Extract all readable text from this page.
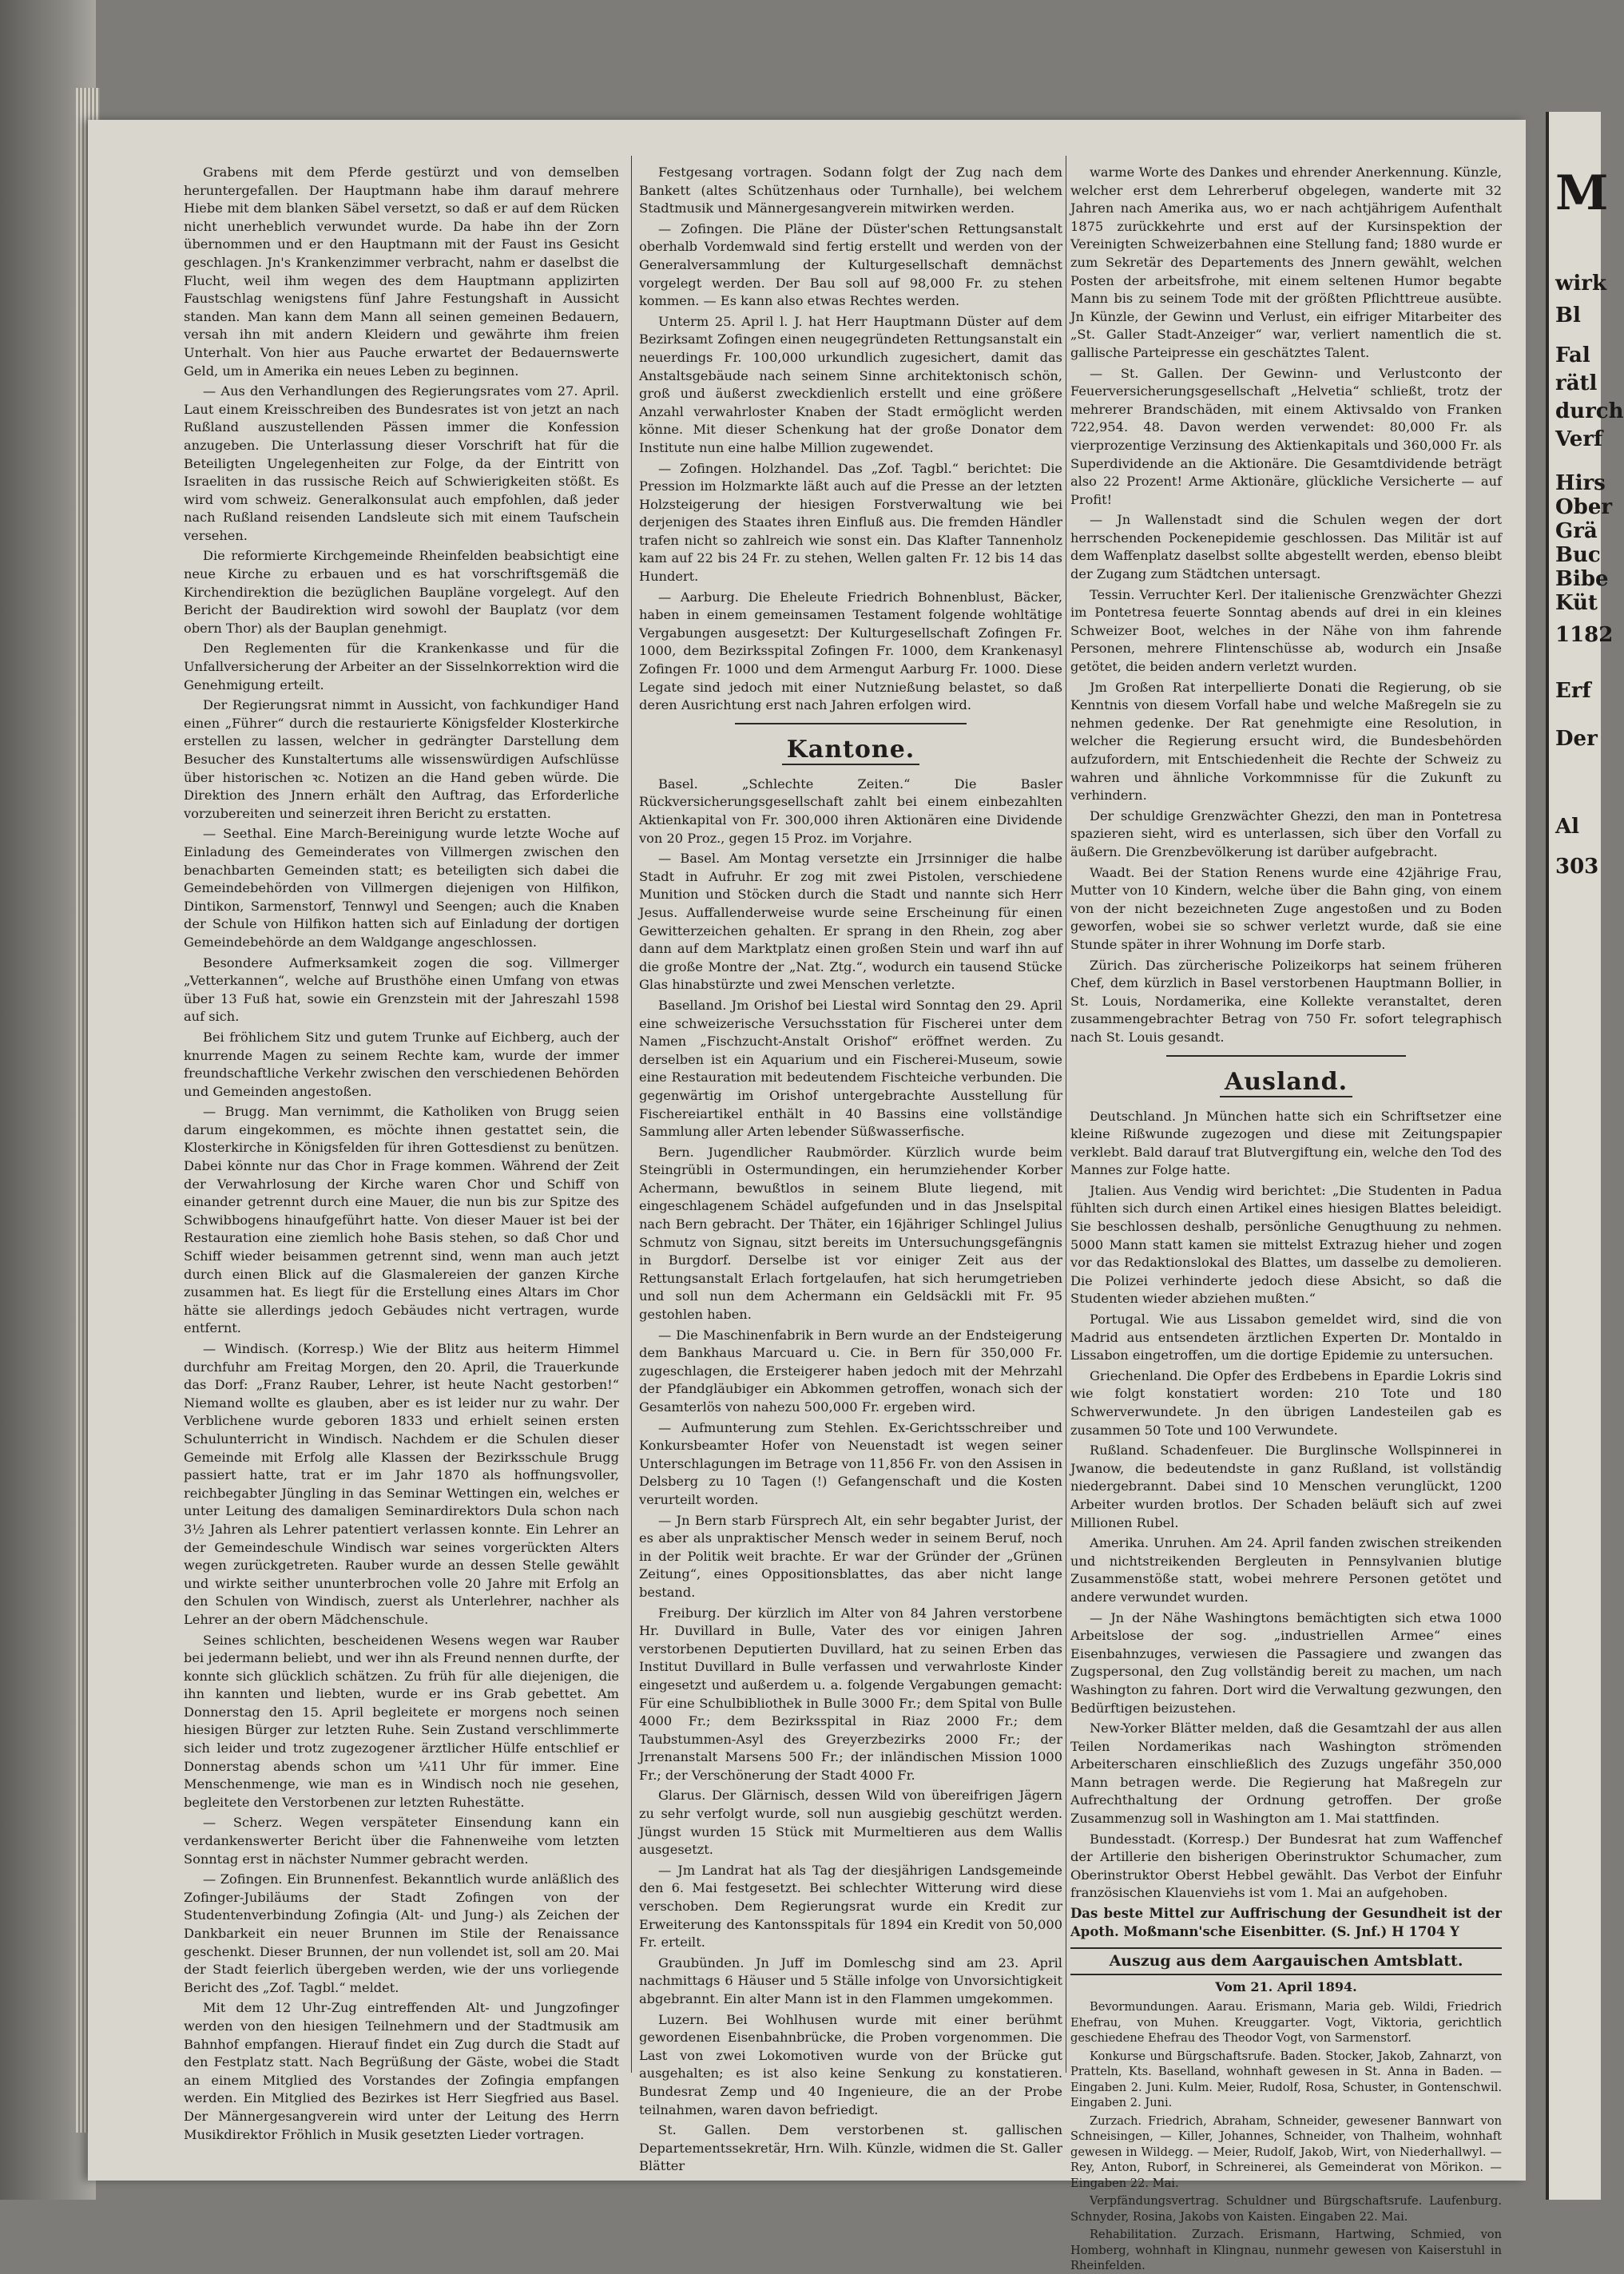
Grabens mit dem Pferde gestürzt und von demselben heruntergefallen. Der Hauptmann habe ihm darauf mehrere Hiebe mit dem blanken Säbel versetzt, so daß er auf dem Rücken nicht unerheblich verwundet wurde. Da habe ihn der Zorn übernommen und er den Hauptmann mit der Faust ins Gesicht geschlagen. Jn's Krankenzimmer verbracht, nahm er daselbst die Flucht, weil ihm wegen des dem Hauptmann applizirten Faustschlag wenigstens fünf Jahre Festungshaft in Aussicht standen. Man kann dem Mann all seinen gemeinen Bedauern, versah ihn mit andern Kleidern und gewährte ihm freien Unterhalt. Von hier aus Pauche erwartet der Bedauernswerte Geld, um in Amerika ein neues Leben zu beginnen.

— Aus den Verhandlungen des Regierungsrates vom 27. April. Laut einem Kreisschreiben des Bundesrates ist von jetzt an nach Rußland auszustellenden Pässen immer die Konfession anzugeben. Die Unterlassung dieser Vorschrift hat für die Beteiligten Ungelegenheiten zur Folge, da der Eintritt von Israeliten in das russische Reich auf Schwierigkeiten stößt. Es wird vom schweiz. Generalkonsulat auch empfohlen, daß jeder nach Rußland reisenden Landsleute sich mit einem Taufschein versehen.

Die reformierte Kirchgemeinde Rheinfelden beabsichtigt eine neue Kirche zu erbauen und es hat vorschriftsgemäß die Kirchendirektion die bezüglichen Baupläne vorgelegt. Auf den Bericht der Baudirektion wird sowohl der Bauplatz (vor dem obern Thor) als der Bauplan genehmigt.

Den Reglementen für die Krankenkasse und für die Unfallversicherung der Arbeiter an der Sisselnkorrektion wird die Genehmigung erteilt.

Der Regierungsrat nimmt in Aussicht, von fachkundiger Hand einen „Führer“ durch die restaurierte Königsfelder Klosterkirche erstellen zu lassen, welcher in gedrängter Darstellung dem Besucher des Kunstaltertums alle wissenswürdigen Aufschlüsse über historischen ꝛc. Notizen an die Hand geben würde. Die Direktion des Jnnern erhält den Auftrag, das Erforderliche vorzubereiten und seinerzeit ihren Bericht zu erstatten.

— Seethal. Eine March-Bereinigung wurde letzte Woche auf Einladung des Gemeinderates von Villmergen zwischen den benachbarten Gemeinden statt; es beteiligten sich dabei die Gemeindebehörden von Villmergen diejenigen von Hilfikon, Dintikon, Sarmenstorf, Tennwyl und Seengen; auch die Knaben der Schule von Hilfikon hatten sich auf Einladung der dortigen Gemeindebehörde an dem Waldgange angeschlossen.

Besondere Aufmerksamkeit zogen die sog. Villmerger „Vetterkannen“, welche auf Brusthöhe einen Umfang von etwas über 13 Fuß hat, sowie ein Grenzstein mit der Jahreszahl 1598 auf sich.

Bei fröhlichem Sitz und gutem Trunke auf Eichberg, auch der knurrende Magen zu seinem Rechte kam, wurde der immer freundschaftliche Verkehr zwischen den verschiedenen Behörden und Gemeinden angestoßen.

— Brugg. Man vernimmt, die Katholiken von Brugg seien darum eingekommen, es möchte ihnen gestattet sein, die Klosterkirche in Königsfelden für ihren Gottesdienst zu benützen. Dabei könnte nur das Chor in Frage kommen. Während der Zeit der Verwahrlosung der Kirche waren Chor und Schiff von einander getrennt durch eine Mauer, die nun bis zur Spitze des Schwibbogens hinaufgeführt hatte. Von dieser Mauer ist bei der Restauration eine ziemlich hohe Basis stehen, so daß Chor und Schiff wieder beisammen getrennt sind, wenn man auch jetzt durch einen Blick auf die Glasmalereien der ganzen Kirche zusammen hat. Es liegt für die Erstellung eines Altars im Chor hätte sie allerdings jedoch Gebäudes nicht vertragen, wurde entfernt.

— Windisch. (Korresp.) Wie der Blitz aus heiterm Himmel durchfuhr am Freitag Morgen, den 20. April, die Trauerkunde das Dorf: „Franz Rauber, Lehrer, ist heute Nacht gestorben!“ Niemand wollte es glauben, aber es ist leider nur zu wahr. Der Verblichene wurde geboren 1833 und erhielt seinen ersten Schulunterricht in Windisch. Nachdem er die Schulen dieser Gemeinde mit Erfolg alle Klassen der Bezirksschule Brugg passiert hatte, trat er im Jahr 1870 als hoffnungsvoller, reichbegabter Jüngling in das Seminar Wettingen ein, welches er unter Leitung des damaligen Seminardirektors Dula schon nach 3½ Jahren als Lehrer patentiert verlassen konnte. Ein Lehrer an der Gemeindeschule Windisch war seines vorgerückten Alters wegen zurückgetreten. Rauber wurde an dessen Stelle gewählt und wirkte seither ununterbrochen volle 20 Jahre mit Erfolg an den Schulen von Windisch, zuerst als Unterlehrer, nachher als Lehrer an der obern Mädchenschule.

Seines schlichten, bescheidenen Wesens wegen war Rauber bei jedermann beliebt, und wer ihn als Freund nennen durfte, der konnte sich glücklich schätzen. Zu früh für alle diejenigen, die ihn kannten und liebten, wurde er ins Grab gebettet. Am Donnerstag den 15. April begleitete er morgens noch seinen hiesigen Bürger zur letzten Ruhe. Sein Zustand verschlimmerte sich leider und trotz zugezogener ärztlicher Hülfe entschlief er Donnerstag abends schon um ¼11 Uhr für immer. Eine Menschenmenge, wie man es in Windisch noch nie gesehen, begleitete den Verstorbenen zur letzten Ruhestätte.

— Scherz. Wegen verspäteter Einsendung kann ein verdankenswerter Bericht über die Fahnenweihe vom letzten Sonntag erst in nächster Nummer gebracht werden.

— Zofingen. Ein Brunnenfest. Bekanntlich wurde anläßlich des Zofinger-Jubiläums der Stadt Zofingen von der Studentenverbindung Zofingia (Alt- und Jung-) als Zeichen der Dankbarkeit ein neuer Brunnen im Stile der Renaissance geschenkt. Dieser Brunnen, der nun vollendet ist, soll am 20. Mai der Stadt feierlich übergeben werden, wie der uns vorliegende Bericht des „Zof. Tagbl.“ meldet.

Mit dem 12 Uhr-Zug eintreffenden Alt- und Jungzofinger werden von den hiesigen Teilnehmern und der Stadtmusik am Bahnhof empfangen. Hierauf findet ein Zug durch die Stadt auf den Festplatz statt. Nach Begrüßung der Gäste, wobei die Stadt an einem Mitglied des Vorstandes der Zofingia empfangen werden. Ein Mitglied des Bezirkes ist Herr Siegfried aus Basel. Der Männergesangverein wird unter der Leitung des Herrn Musikdirektor Fröhlich in Musik gesetzten Lieder vortragen.

Festgesang vortragen. Sodann folgt der Zug nach dem Bankett (altes Schützenhaus oder Turnhalle), bei welchem Stadtmusik und Männergesangverein mitwirken werden.

— Zofingen. Die Pläne der Düster'schen Rettungsanstalt oberhalb Vordemwald sind fertig erstellt und werden von der Generalversammlung der Kulturgesellschaft demnächst vorgelegt werden. Der Bau soll auf 98,000 Fr. zu stehen kommen. — Es kann also etwas Rechtes werden.

Unterm 25. April l. J. hat Herr Hauptmann Düster auf dem Bezirksamt Zofingen einen neugegründeten Rettungsanstalt ein neuerdings Fr. 100,000 urkundlich zugesichert, damit das Anstaltsgebäude nach seinem Sinne architektonisch schön, groß und äußerst zweckdienlich erstellt und eine größere Anzahl verwahrloster Knaben der Stadt ermöglicht werden könne. Mit dieser Schenkung hat der große Donator dem Institute nun eine halbe Million zugewendet.

— Zofingen. Holzhandel. Das „Zof. Tagbl.“ berichtet: Die Pression im Holzmarkte läßt auch auf die Presse an der letzten Holzsteigerung der hiesigen Forstverwaltung wie bei derjenigen des Staates ihren Einfluß aus. Die fremden Händler trafen nicht so zahlreich wie sonst ein. Das Klafter Tannenholz kam auf 22 bis 24 Fr. zu stehen, Wellen galten Fr. 12 bis 14 das Hundert.

— Aarburg. Die Eheleute Friedrich Bohnenblust, Bäcker, haben in einem gemeinsamen Testament folgende wohltätige Vergabungen ausgesetzt: Der Kulturgesellschaft Zofingen Fr. 1000, dem Bezirksspital Zofingen Fr. 1000, dem Krankenasyl Zofingen Fr. 1000 und dem Armengut Aarburg Fr. 1000. Diese Legate sind jedoch mit einer Nutznießung belastet, so daß deren Ausrichtung erst nach Jahren erfolgen wird.

Kantone.

Basel. „Schlechte Zeiten.“ Die Basler Rückversicherungsgesellschaft zahlt bei einem einbezahlten Aktienkapital von Fr. 300,000 ihren Aktionären eine Dividende von 20 Proz., gegen 15 Proz. im Vorjahre.

— Basel. Am Montag versetzte ein Jrrsinniger die halbe Stadt in Aufruhr. Er zog mit zwei Pistolen, verschiedene Munition und Stöcken durch die Stadt und nannte sich Herr Jesus. Auffallenderweise wurde seine Erscheinung für einen Gewitterzeichen gehalten. Er sprang in den Rhein, zog aber dann auf dem Marktplatz einen großen Stein und warf ihn auf die große Montre der „Nat. Ztg.“, wodurch ein tausend Stücke Glas hinabstürzte und zwei Menschen verletzte.

Baselland. Jm Orishof bei Liestal wird Sonntag den 29. April eine schweizerische Versuchsstation für Fischerei unter dem Namen „Fischzucht-Anstalt Orishof“ eröffnet werden. Zu derselben ist ein Aquarium und ein Fischerei-Museum, sowie eine Restauration mit bedeutendem Fischteiche verbunden. Die gegenwärtig im Orishof untergebrachte Ausstellung für Fischereiartikel enthält in 40 Bassins eine vollständige Sammlung aller Arten lebender Süßwasserfische.

Bern. Jugendlicher Raubmörder. Kürzlich wurde beim Steingrübli in Ostermundingen, ein herumziehender Korber Achermann, bewußtlos in seinem Blute liegend, mit eingeschlagenem Schädel aufgefunden und in das Jnselspital nach Bern gebracht. Der Thäter, ein 16jähriger Schlingel Julius Schmutz von Signau, sitzt bereits im Untersuchungsgefängnis in Burgdorf. Derselbe ist vor einiger Zeit aus der Rettungsanstalt Erlach fortgelaufen, hat sich herumgetrieben und soll nun dem Achermann ein Geldsäckli mit Fr. 95 gestohlen haben.

— Die Maschinenfabrik in Bern wurde an der Endsteigerung dem Bankhaus Marcuard u. Cie. in Bern für 350,000 Fr. zugeschlagen, die Ersteigerer haben jedoch mit der Mehrzahl der Pfandgläubiger ein Abkommen getroffen, wonach sich der Gesamterlös von nahezu 500,000 Fr. ergeben wird.

— Aufmunterung zum Stehlen. Ex-Gerichtsschreiber und Konkursbeamter Hofer von Neuenstadt ist wegen seiner Unterschlagungen im Betrage von 11,856 Fr. von den Assisen in Delsberg zu 10 Tagen (!) Gefangenschaft und die Kosten verurteilt worden.

— Jn Bern starb Fürsprech Alt, ein sehr begabter Jurist, der es aber als unpraktischer Mensch weder in seinem Beruf, noch in der Politik weit brachte. Er war der Gründer der „Grünen Zeitung“, eines Oppositionsblattes, das aber nicht lange bestand.

Freiburg. Der kürzlich im Alter von 84 Jahren verstorbene Hr. Duvillard in Bulle, Vater des vor einigen Jahren verstorbenen Deputierten Duvillard, hat zu seinen Erben das Institut Duvillard in Bulle verfassen und verwahrloste Kinder eingesetzt und außerdem u. a. folgende Vergabungen gemacht: Für eine Schulbibliothek in Bulle 3000 Fr.; dem Spital von Bulle 4000 Fr.; dem Bezirksspital in Riaz 2000 Fr.; dem Taubstummen-Asyl des Greyerzbezirks 2000 Fr.; der Jrrenanstalt Marsens 500 Fr.; der inländischen Mission 1000 Fr.; der Verschönerung der Stadt 4000 Fr.

Glarus. Der Glärnisch, dessen Wild von übereifrigen Jägern zu sehr verfolgt wurde, soll nun ausgiebig geschützt werden. Jüngst wurden 15 Stück mit Murmeltieren aus dem Wallis ausgesetzt.

— Jm Landrat hat als Tag der diesjährigen Landsgemeinde den 6. Mai festgesetzt. Bei schlechter Witterung wird diese verschoben. Dem Regierungsrat wurde ein Kredit zur Erweiterung des Kantonsspitals für 1894 ein Kredit von 50,000 Fr. erteilt.

Graubünden. Jn Juff im Domleschg sind am 23. April nachmittags 6 Häuser und 5 Ställe infolge von Unvorsichtigkeit abgebrannt. Ein alter Mann ist in den Flammen umgekommen.

Luzern. Bei Wohlhusen wurde mit einer berühmt gewordenen Eisenbahnbrücke, die Proben vorgenommen. Die Last von zwei Lokomotiven wurde von der Brücke gut ausgehalten; es ist also keine Senkung zu konstatieren. Bundesrat Zemp und 40 Ingenieure, die an der Probe teilnahmen, waren davon befriedigt.

St. Gallen. Dem verstorbenen st. gallischen Departementssekretär, Hrn. Wilh. Künzle, widmen die St. Galler Blätter

warme Worte des Dankes und ehrender Anerkennung. Künzle, welcher erst dem Lehrerberuf obgelegen, wanderte mit 32 Jahren nach Amerika aus, wo er nach achtjährigem Aufenthalt 1875 zurückkehrte und erst auf der Kursinspektion der Vereinigten Schweizerbahnen eine Stellung fand; 1880 wurde er zum Sekretär des Departements des Jnnern gewählt, welchen Posten der arbeitsfrohe, mit einem seltenen Humor begabte Mann bis zu seinem Tode mit der größten Pflichttreue ausübte. Jn Künzle, der Gewinn und Verlust, ein eifriger Mitarbeiter des „St. Galler Stadt-Anzeiger“ war, verliert namentlich die st. gallische Parteipresse ein geschätztes Talent.

— St. Gallen. Der Gewinn- und Verlustconto der Feuerversicherungsgesellschaft „Helvetia“ schließt, trotz der mehrerer Brandschäden, mit einem Aktivsaldo von Franken 722,954. 48. Davon werden verwendet: 80,000 Fr. als vierprozentige Verzinsung des Aktienkapitals und 360,000 Fr. als Superdividende an die Aktionäre. Die Gesamtdividende beträgt also 22 Prozent! Arme Aktionäre, glückliche Versicherte — auf Profit!

— Jn Wallenstadt sind die Schulen wegen der dort herrschenden Pockenepidemie geschlossen. Das Militär ist auf dem Waffenplatz daselbst sollte abgestellt werden, ebenso bleibt der Zugang zum Städtchen untersagt.

Tessin. Verruchter Kerl. Der italienische Grenzwächter Ghezzi im Pontetresa feuerte Sonntag abends auf drei in ein kleines Schweizer Boot, welches in der Nähe von ihm fahrende Personen, mehrere Flintenschüsse ab, wodurch ein Jnsaße getötet, die beiden andern verletzt wurden.

Jm Großen Rat interpellierte Donati die Regierung, ob sie Kenntnis von diesem Vorfall habe und welche Maßregeln sie zu nehmen gedenke. Der Rat genehmigte eine Resolution, in welcher die Regierung ersucht wird, die Bundesbehörden aufzufordern, mit Entschiedenheit die Rechte der Schweiz zu wahren und ähnliche Vorkommnisse für die Zukunft zu verhindern.

Der schuldige Grenzwächter Ghezzi, den man in Pontetresa spazieren sieht, wird es unterlassen, sich über den Vorfall zu äußern. Die Grenzbevölkerung ist darüber aufgebracht.

Waadt. Bei der Station Renens wurde eine 42jährige Frau, Mutter von 10 Kindern, welche über die Bahn ging, von einem von der nicht bezeichneten Zuge angestoßen und zu Boden geworfen, wobei sie so schwer verletzt wurde, daß sie eine Stunde später in ihrer Wohnung im Dorfe starb.

Zürich. Das zürcherische Polizeikorps hat seinem früheren Chef, dem kürzlich in Basel verstorbenen Hauptmann Bollier, in St. Louis, Nordamerika, eine Kollekte veranstaltet, deren zusammengebrachter Betrag von 750 Fr. sofort telegraphisch nach St. Louis gesandt.

Ausland.

Deutschland. Jn München hatte sich ein Schriftsetzer eine kleine Rißwunde zugezogen und diese mit Zeitungspapier verklebt. Bald darauf trat Blutvergiftung ein, welche den Tod des Mannes zur Folge hatte.

Jtalien. Aus Vendig wird berichtet: „Die Studenten in Padua fühlten sich durch einen Artikel eines hiesigen Blattes beleidigt. Sie beschlossen deshalb, persönliche Genugthuung zu nehmen. 5000 Mann statt kamen sie mittelst Extrazug hieher und zogen vor das Redaktionslokal des Blattes, um dasselbe zu demolieren. Die Polizei verhinderte jedoch diese Absicht, so daß die Studenten wieder abziehen mußten.“

Portugal. Wie aus Lissabon gemeldet wird, sind die von Madrid aus entsendeten ärztlichen Experten Dr. Montaldo in Lissabon eingetroffen, um die dortige Epidemie zu untersuchen.

Griechenland. Die Opfer des Erdbebens in Epardie Lokris sind wie folgt konstatiert worden: 210 Tote und 180 Schwerverwundete. Jn den übrigen Landesteilen gab es zusammen 50 Tote und 100 Verwundete.

Rußland. Schadenfeuer. Die Burglinsche Wollspinnerei in Jwanow, die bedeutendste in ganz Rußland, ist vollständig niedergebrannt. Dabei sind 10 Menschen verunglückt, 1200 Arbeiter wurden brotlos. Der Schaden beläuft sich auf zwei Millionen Rubel.

Amerika. Unruhen. Am 24. April fanden zwischen streikenden und nichtstreikenden Bergleuten in Pennsylvanien blutige Zusammenstöße statt, wobei mehrere Personen getötet und andere verwundet wurden.

— Jn der Nähe Washingtons bemächtigten sich etwa 1000 Arbeitslose der sog. „industriellen Armee“ eines Eisenbahnzuges, verwiesen die Passagiere und zwangen das Zugspersonal, den Zug vollständig bereit zu machen, um nach Washington zu fahren. Dort wird die Verwaltung gezwungen, den Bedürftigen beizustehen.

New-Yorker Blätter melden, daß die Gesamtzahl der aus allen Teilen Nordamerikas nach Washington strömenden Arbeiterscharen einschließlich des Zuzugs ungefähr 350,000 Mann betragen werde. Die Regierung hat Maßregeln zur Aufrechthaltung der Ordnung getroffen. Der große Zusammenzug soll in Washington am 1. Mai stattfinden.

Bundesstadt. (Korresp.) Der Bundesrat hat zum Waffenchef der Artillerie den bisherigen Oberinstruktor Schumacher, zum Oberinstruktor Oberst Hebbel gewählt. Das Verbot der Einfuhr französischen Klauenviehs ist vom 1. Mai an aufgehoben.

Das beste Mittel zur Auffrischung der Gesundheit ist der Apoth. Moßmann'sche Eisenbitter. (S. Jnf.) H 1704 Y

Auszug aus dem Aargauischen Amtsblatt.
Vom 21. April 1894.

Bevormundungen. Aarau. Erismann, Maria geb. Wildi, Friedrich Ehefrau, von Muhen. Kreuggarter. Vogt, Viktoria, gerichtlich geschiedene Ehefrau des Theodor Vogt, von Sarmenstorf.

Konkurse und Bürgschaftsrufe. Baden. Stocker, Jakob, Zahnarzt, von Pratteln, Kts. Baselland, wohnhaft gewesen in St. Anna in Baden. — Eingaben 2. Juni. Kulm. Meier, Rudolf, Rosa, Schuster, in Gontenschwil. Eingaben 2. Juni.

Zurzach. Friedrich, Abraham, Schneider, gewesener Bannwart von Schneisingen, — Killer, Johannes, Schneider, von Thalheim, wohnhaft gewesen in Wildegg. — Meier, Rudolf, Jakob, Wirt, von Niederhallwyl. — Rey, Anton, Ruborf, in Schreinerei, als Gemeinderat von Mörikon. — Eingaben 22. Mai.

Verpfändungsvertrag. Schuldner und Bürgschaftsrufe. Laufenburg. Schnyder, Rosina, Jakobs von Kaisten. Eingaben 22. Mai.

Rehabilitation. Zurzach. Erismann, Hartwing, Schmied, von Homberg, wohnhaft in Klingnau, nunmehr gewesen von Kaiserstuhl in Rheinfelden.

M
wirk
Bl
Fal
rätl
durch
Verf
Hirs
Ober
Grä
Buc
Bibe
Küt
1182
Erf
Der
Al
303
